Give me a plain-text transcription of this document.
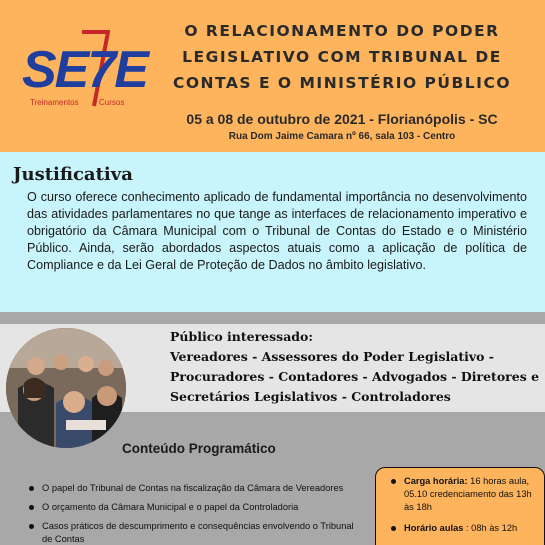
SE7E
Treinamentos	Cursos
O RELACIONAMENTO DO PODER
LEGISLATIVO COM TRIBUNAL DE
CONTAS E O MINISTÉRIO PÚBLICO
05 a 08 de outubro de 2021 - Florianópolis - SC
Rua Dom Jaime Camara nº 66, sala 103 - Centro
Justificativa
O curso oferece conhecimento aplicado de fundamental importância no desenvolvimento das atividades parlamentares no que tange as interfaces de relacionamento imperativo e obrigatório da Câmara Municipal com o Tribunal de Contas do Estado e o Ministério Público. Ainda, serão abordados aspectos atuais como a aplicação de política de Compliance e da Lei Geral de Proteção de Dados no âmbito legislativo.
Público interessado:
Vereadores - Assessores do Poder Legislativo -
Procuradores - Contadores - Advogados - Diretores e
Secretários Legislativos - Controladores
Conteúdo Programático
O papel do Tribunal de Contas na fiscalização da Câmara de Vereadores
O orçamento da Câmara Municipal e o papel da Controladoria
Casos práticos de descumprimento e consequências envolvendo o Tribunal de Contas
Carga horária: 16 horas aula, 05.10 credenciamento das 13h às 18h
Horário aulas : 08h às 12h
